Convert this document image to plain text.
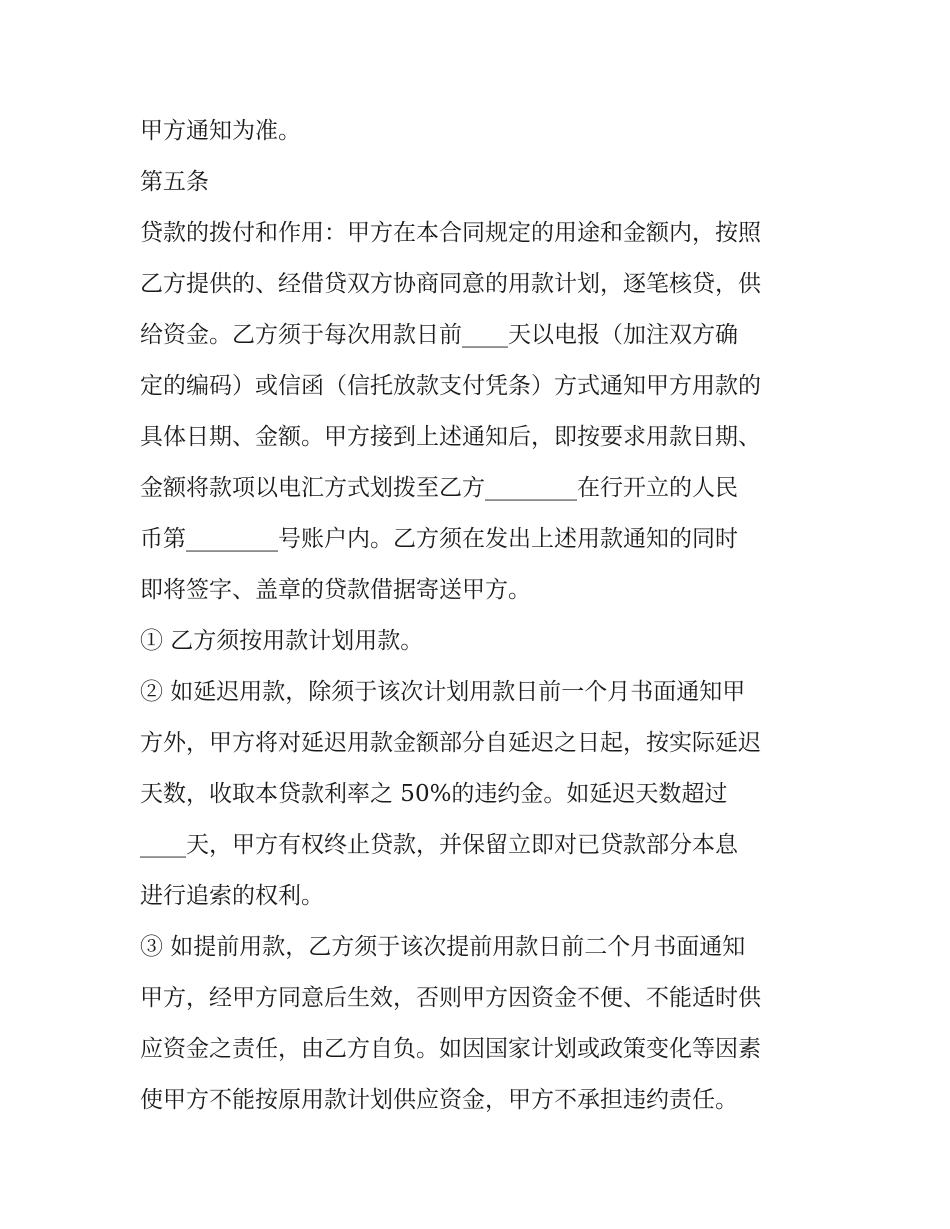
甲方通知为准。
第五条
贷款的拨付和作用：甲方在本合同规定的用途和金额内，按照
乙方提供的、经借贷双方协商同意的用款计划，逐笔核贷，供
给资金。乙方须于每次用款日前____天以电报（加注双方确
定的编码）或信函（信托放款支付凭条）方式通知甲方用款的
具体日期、金额。甲方接到上述通知后，即按要求用款日期、
金额将款项以电汇方式划拨至乙方________在行开立的人民
币第________号账户内。乙方须在发出上述用款通知的同时
即将签字、盖章的贷款借据寄送甲方。
① 乙方须按用款计划用款。
② 如延迟用款，除须于该次计划用款日前一个月书面通知甲
方外，甲方将对延迟用款金额部分自延迟之日起，按实际延迟
天数，收取本贷款利率之 50%的违约金。如延迟天数超过
____天，甲方有权终止贷款，并保留立即对已贷款部分本息
进行追索的权利。
③ 如提前用款，乙方须于该次提前用款日前二个月书面通知
甲方，经甲方同意后生效，否则甲方因资金不便、不能适时供
应资金之责任，由乙方自负。如因国家计划或政策变化等因素
使甲方不能按原用款计划供应资金，甲方不承担违约责任。
